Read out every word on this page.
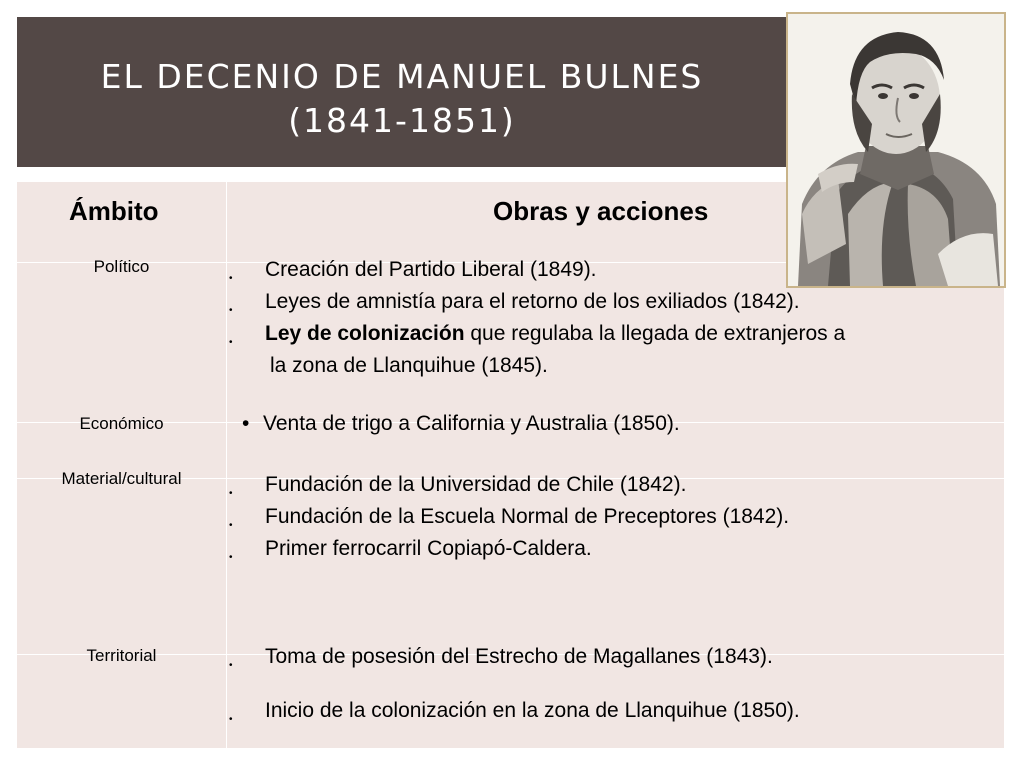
EL DECENIO DE MANUEL BULNES
(1841-1851)
Ámbito	Obras y acciones
Político
• Creación del Partido Liberal (1849).
• Leyes de amnistía para el retorno de los exiliados (1842).
• Ley de colonización que regulaba la llegada de extranjeros a
la zona de Llanquihue (1845).
Económico	• Venta de trigo a California y Australia (1850).
Material/cultural
• Fundación de la Universidad de Chile (1842).
• Fundación de la Escuela Normal de Preceptores (1842).
• Primer ferrocarril Copiapó-Caldera.
Territorial
• Toma de posesión del Estrecho de Magallanes (1843).
• Inicio de la colonización en la zona de Llanquihue (1850).
